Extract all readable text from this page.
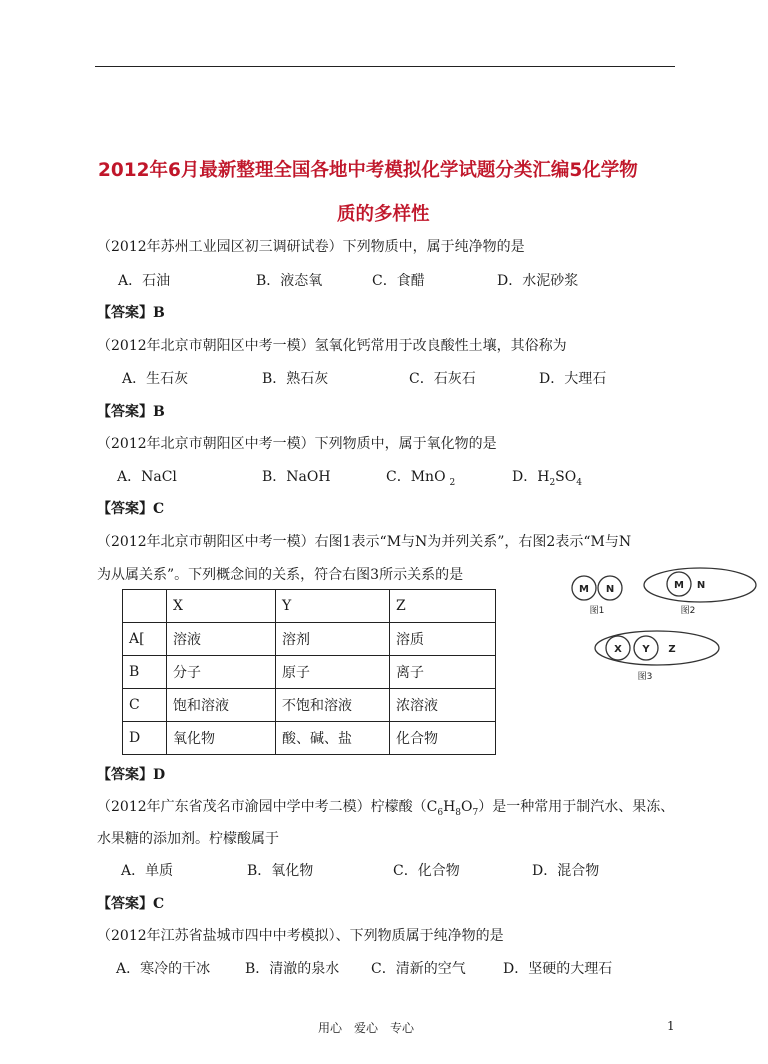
2012年6月最新整理全国各地中考模拟化学试题分类汇编5化学物
质的多样性
（2012年苏州工业园区初三调研试卷）下列物质中，属于纯净物的是
A．石油	B．液态氧	C．食醋	D．水泥砂浆
【答案】B
（2012年北京市朝阳区中考一模）氢氧化钙常用于改良酸性土壤，其俗称为
A．生石灰	B．熟石灰	C．石灰石	D．大理石
【答案】B
（2012年北京市朝阳区中考一模）下列物质中，属于氧化物的是
A．NaCl	B．NaOH	C．MnO $_2$	D．$H_2SO_4$
【答案】C
（2012年北京市朝阳区中考一模）右图1表示“M与N为并列关系”，右图2表示“M与N
为从属关系”。下列概念间的关系，符合右图3所示关系的是
	X	Y	Z
A[	溶液	溶剂	溶质
B	分子	原子	离子
C	饱和溶液	不饱和溶液	浓溶液
D	氧化物	酸、碱、盐	化合物
M N
图1
M N
图2
X Y Z
图3
【答案】D
（2012年广东省茂名市渝园中学中考二模）柠檬酸$(C_6H_8O_7)$是一种常用于制汽水、果冻、
水果糖的添加剂。柠檬酸属于
A．单质	B．氧化物	C．化合物	D．混合物
【答案】C
（2012年江苏省盐城市四中中考模拟）、下列物质属于纯净物的是
A．寒冷的干冰 B．清澈的泉水 C．清新的空气	D．坚硬的大理石
用心　爱心　专心	1
